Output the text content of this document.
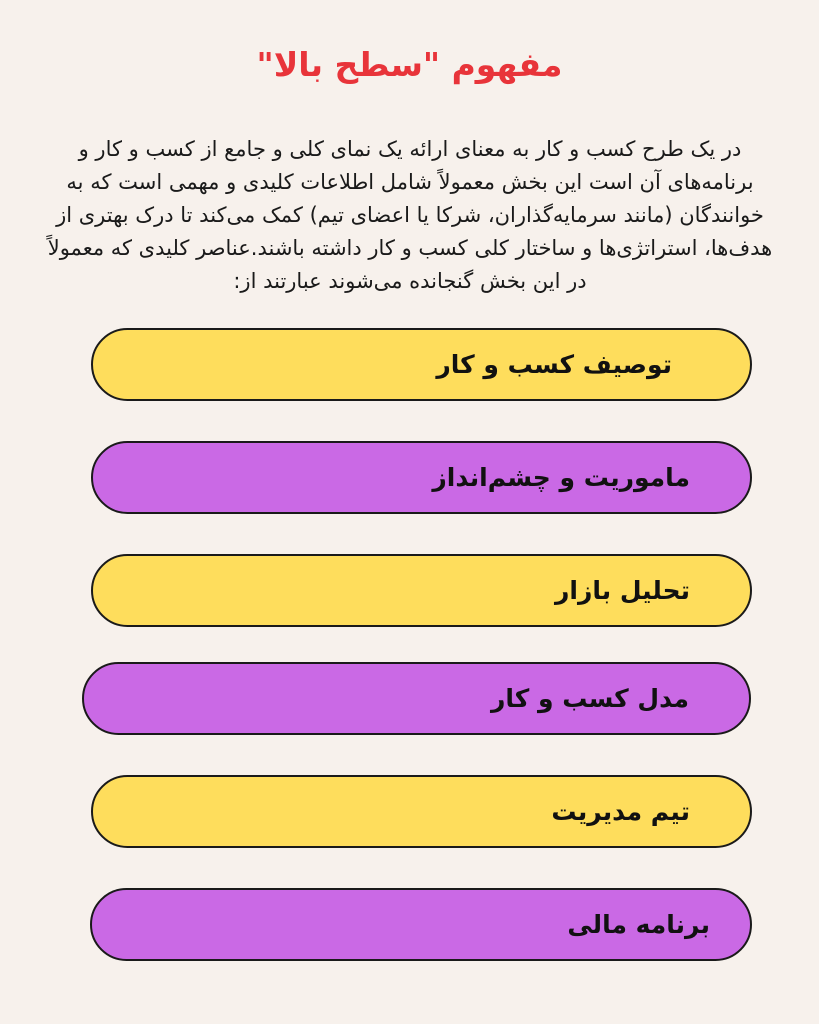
مفهوم "سطح بالا"
در یک طرح کسب و کار به معنای ارائه یک نمای کلی و جامع از کسب و کار و برنامه‌های آن است این بخش معمولاً شامل اطلاعات کلیدی و مهمی است که به خوانندگان (مانند سرمایه‌گذاران، شرکا یا اعضای تیم) کمک می‌کند تا درک بهتری از هدف‌ها، استراتژی‌ها و ساختار کلی کسب و کار داشته باشند.عناصر کلیدی که معمولاً در این بخش گنجانده می‌شوند عبارتند از:
توصیف کسب و کار
ماموریت و چشم‌انداز
تحلیل بازار
مدل کسب و کار
تیم مدیریت
برنامه مالی
